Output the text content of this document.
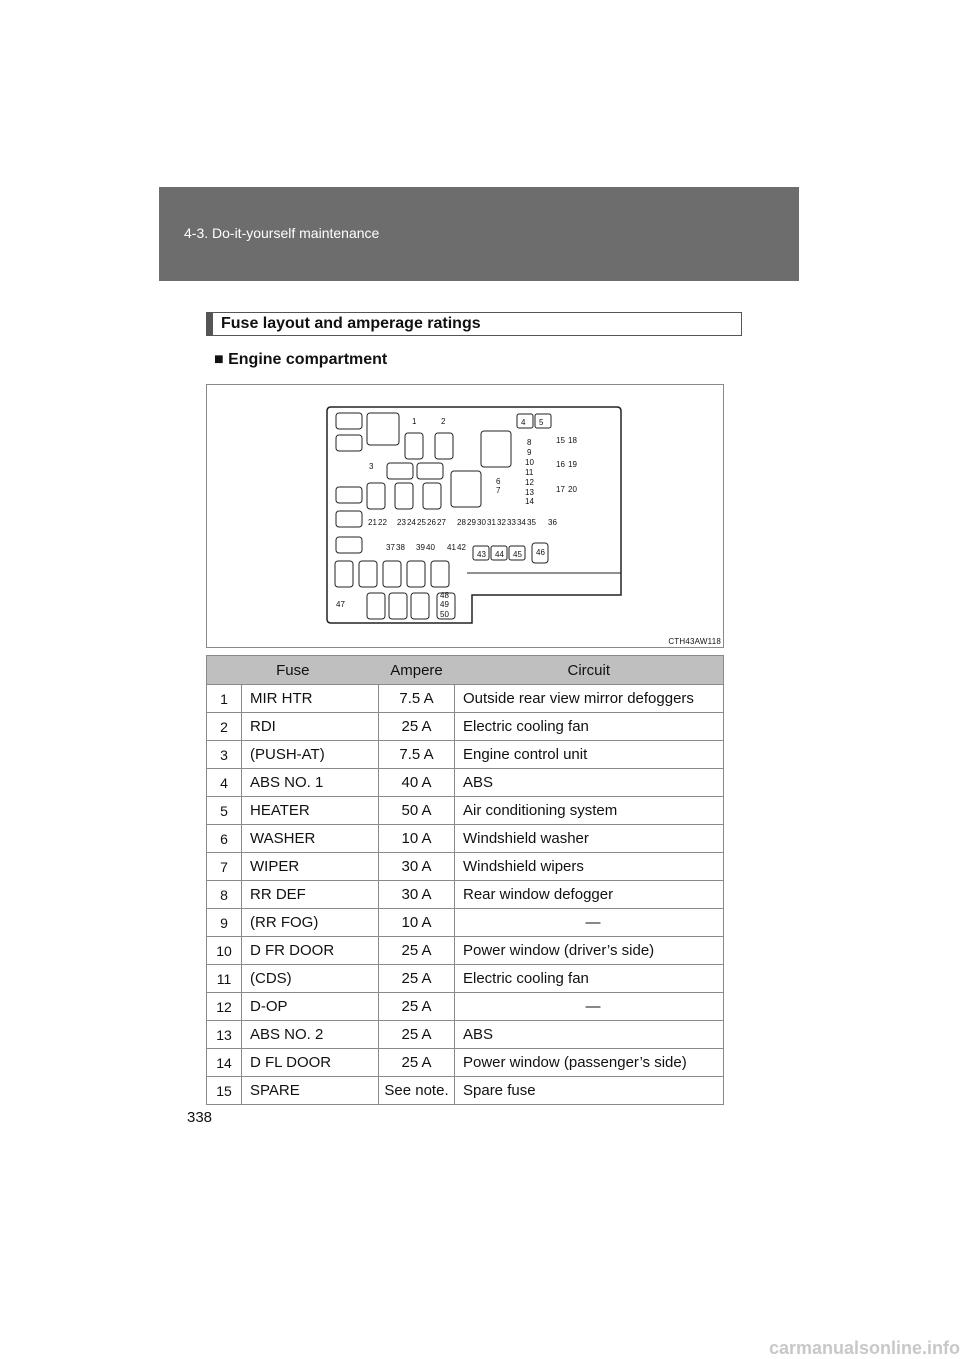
4-3. Do-it-yourself maintenance
Fuse layout and amperage ratings
■ Engine compartment
1	2
3
4 5
6
7
8
9
10
11
12
13
14
15 18
16 19
17 20
21 22 23 24 25 26 27 28 29 30 31 32 33 34 35 36
37 38 39 40 41 42
43 44 45 46
47
48
49
50
CTH43AW118
Fuse		Ampere	Circuit
1	MIR HTR	7.5 A	Outside rear view mirror defoggers
2	RDI	25 A	Electric cooling fan
3	(PUSH-AT)	7.5 A	Engine control unit
4	ABS NO. 1	40 A	ABS
5	HEATER	50 A	Air conditioning system
6	WASHER	10 A	Windshield washer
7	WIPER	30 A	Windshield wipers
8	RR DEF	30 A	Rear window defogger
9	(RR FOG)	10 A	—
10	D FR DOOR	25 A	Power window (driver’s side)
11	(CDS)	25 A	Electric cooling fan
12	D-OP	25 A	—
13	ABS NO. 2	25 A	ABS
14	D FL DOOR	25 A	Power window (passenger’s side)
15	SPARE	See note.	Spare fuse
338
carmanualsonline.info
